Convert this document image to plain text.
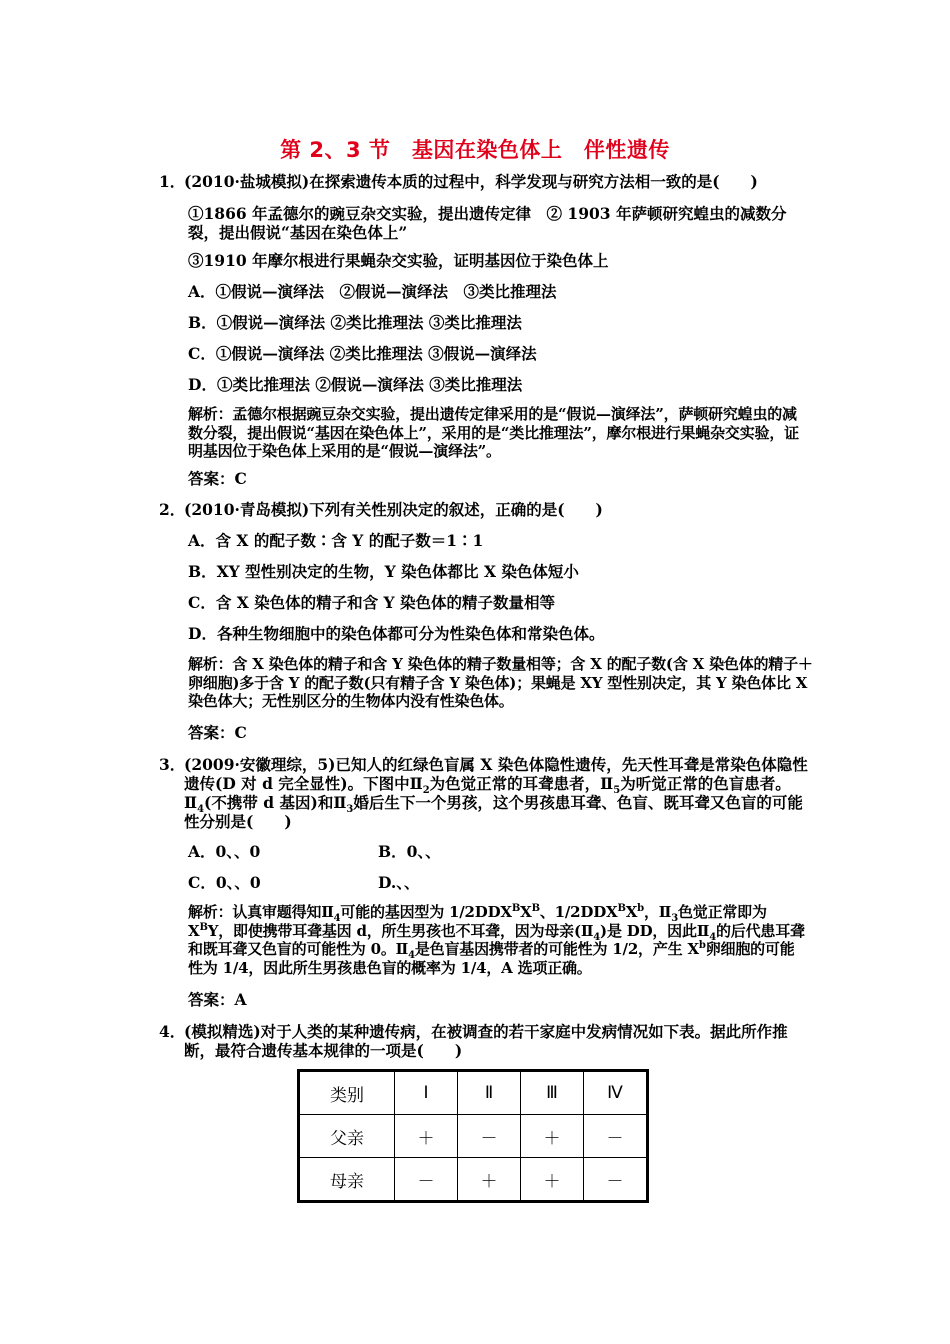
第 2、3 节　基因在染色体上　伴性遗传
1．
(2010·盐城模拟)在探索遗传本质的过程中，科学发现与研究方法相一致的是(　　)
①1866 年孟德尔的豌豆杂交实验，提出遗传定律　② 1903 年萨顿研究蝗虫的减数分裂，提出假说“基因在染色体上”
③1910 年摩尔根进行果蝇杂交实验，证明基因位于染色体上
A．①假说—演绎法　②假说—演绎法　③类比推理法
B．①假说—演绎法 ②类比推理法 ③类比推理法
C．①假说—演绎法 ②类比推理法 ③假说—演绎法
D．①类比推理法 ②假说—演绎法 ③类比推理法
解析：孟德尔根据豌豆杂交实验，提出遗传定律采用的是“假说—演绎法”，萨顿研究蝗虫的减数分裂，提出假说“基因在染色体上”，采用的是“类比推理法”，摩尔根进行果蝇杂交实验，证明基因位于染色体上采用的是“假说—演绎法”。
答案：C
2．
(2010·青岛模拟)下列有关性别决定的叙述，正确的是(　　)
A．含 X 的配子数∶含 Y 的配子数＝1∶1
B．XY 型性别决定的生物，Y 染色体都比 X 染色体短小
C．含 X 染色体的精子和含 Y 染色体的精子数量相等
D．各种生物细胞中的染色体都可分为性染色体和常染色体。
解析：含 X 染色体的精子和含 Y 染色体的精子数量相等；含 X 的配子数(含 X 染色体的精子＋卵细胞)多于含 Y 的配子数(只有精子含 Y 染色体)；果蝇是 XY 型性别决定，其 Y 染色体比 X 染色体大；无性别区分的生物体内没有性染色体。
答案：C
3．
(2009·安徽理综，5)已知人的红绿色盲属 X 染色体隐性遗传，先天性耳聋是常染色体隐性遗传(D 对 d 完全显性)。下图中$Ⅱ_2$为色觉正常的耳聋患者，$Ⅱ_5$为听觉正常的色盲患者。$Ⅱ_4$(不携带 d 基因)和$Ⅱ_3$婚后生下一个男孩，这个男孩患耳聋、色盲、既耳聋又色盲的可能性分别是(　　)
A．0、、0	B．0、、
C．0、、0	D.、、
解析：认真审题得知$Ⅱ_4$可能的基因型为 $1/2DDX^BX^B$、$1/2DDX^BX^b$，$Ⅱ_3$色觉正常即为 $X^BY$，即使携带耳聋基因 d，所生男孩也不耳聋，因为母亲$(Ⅱ_4)$是 DD，因此$Ⅱ_4$的后代患耳聋和既耳聋又色盲的可能性为 0。$Ⅱ_4$是色盲基因携带者的可能性为 1/2，产生 $X^b$卵细胞的可能性为 1/4，因此所生男孩患色盲的概率为 1/4，A 选项正确。
答案：A
4．
(模拟精选)对于人类的某种遗传病，在被调查的若干家庭中发病情况如下表。据此所作推断，最符合遗传基本规律的一项是(　　)
类别	Ⅰ	Ⅱ	Ⅲ	Ⅳ
父亲	＋	－	＋	－
母亲	－	＋	＋	－
